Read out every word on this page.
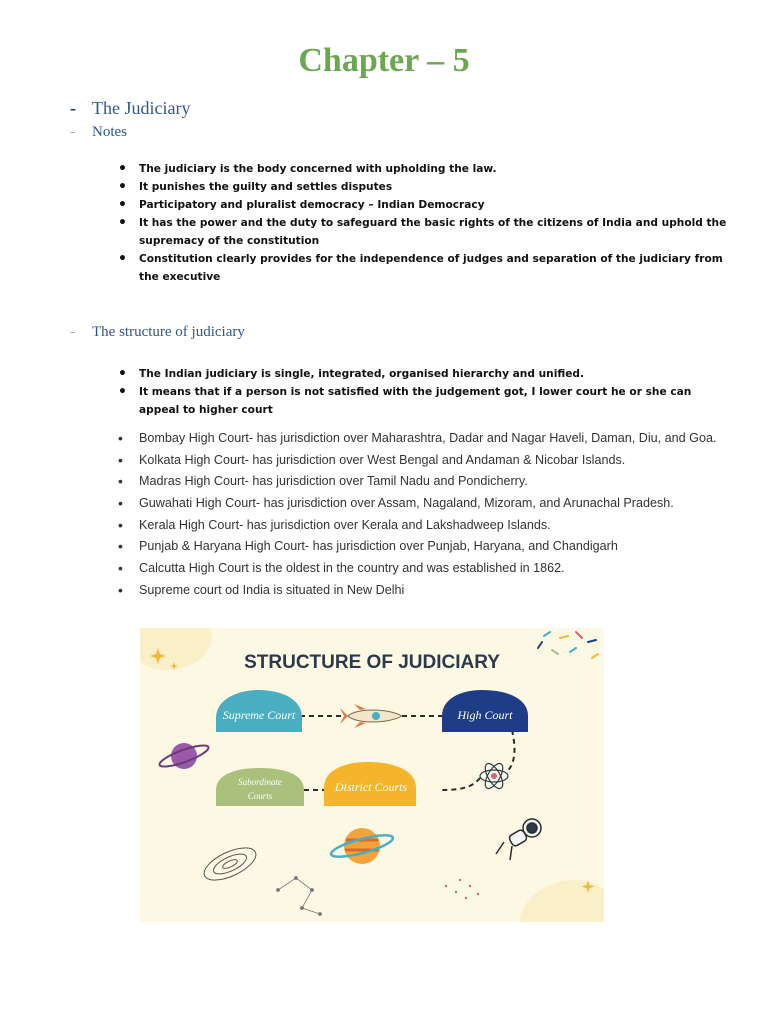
Chapter – 5
- The Judiciary
- Notes
• The judiciary is the body concerned with upholding the law.
• It punishes the guilty and settles disputes
• Participatory and pluralist democracy – Indian Democracy
• It has the power and the duty to safeguard the basic rights of the citizens of India and uphold the supremacy of the constitution
• Constitution clearly provides for the independence of judges and separation of the judiciary from the executive
- The structure of judiciary
• The Indian judiciary is single, integrated, organised hierarchy and unified.
• It means that if a person is not satisfied with the judgement got, I lower court he or she can appeal to higher court
• Bombay High Court- has jurisdiction over Maharashtra, Dadar and Nagar Haveli, Daman, Diu, and Goa.
• Kolkata High Court- has jurisdiction over West Bengal and Andaman & Nicobar Islands.
• Madras High Court- has jurisdiction over Tamil Nadu and Pondicherry.
• Guwahati High Court- has jurisdiction over Assam, Nagaland, Mizoram, and Arunachal Pradesh.
• Kerala High Court- has jurisdiction over Kerala and Lakshadweep Islands.
• Punjab & Haryana High Court- has jurisdiction over Punjab, Haryana, and Chandigarh
• Calcutta High Court is the oldest in the country and was established in 1862.
• Supreme court od India is situated in New Delhi
STRUCTURE OF JUDICIARY
Supreme Court	High Court
District Courts
Subordinate
Courts
